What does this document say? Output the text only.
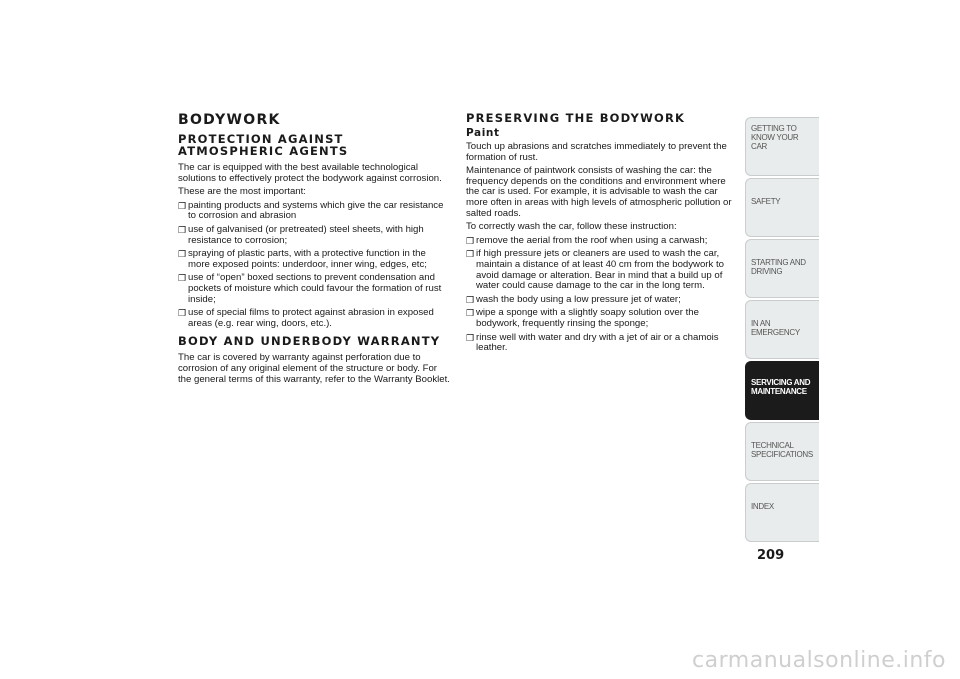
BODYWORK
PROTECTION AGAINST ATMOSPHERIC AGENTS

The car is equipped with the best available technological solutions to effectively protect the bodywork against corrosion.

These are the most important:

❒ painting products and systems which give the car resistance to corrosion and abrasion
❒ use of galvanised (or pretreated) steel sheets, with high resistance to corrosion;
❒ spraying of plastic parts, with a protective function in the more exposed points: underdoor, inner wing, edges, etc;
❒ use of “open” boxed sections to prevent condensation and pockets of moisture which could favour the formation of rust inside;
❒ use of special films to protect against abrasion in exposed areas (e.g. rear wing, doors, etc.).
BODY AND UNDERBODY WARRANTY

The car is covered by warranty against perforation due to corrosion of any original element of the structure or body. For the general terms of this warranty, refer to the Warranty Booklet.

PRESERVING THE BODYWORK
Paint

Touch up abrasions and scratches immediately to prevent the formation of rust.

Maintenance of paintwork consists of washing the car: the frequency depends on the conditions and environment where the car is used. For example, it is advisable to wash the car more often in areas with high levels of atmospheric pollution or salted roads.

To correctly wash the car, follow these instruction:

❒ remove the aerial from the roof when using a carwash;
❒ if high pressure jets or cleaners are used to wash the car, maintain a distance of at least 40 cm from the bodywork to avoid damage or alteration. Bear in mind that a build up of water could cause damage to the car in the long term.
❒ wash the body using a low pressure jet of water;
❒ wipe a sponge with a slightly soapy solution over the bodywork, frequently rinsing the sponge;
❒ rinse well with water and dry with a jet of air or a chamois leather.
GETTING TO KNOW YOUR CAR
SAFETY
STARTING AND DRIVING
IN AN EMERGENCY
SERVICING AND MAINTENANCE
TECHNICAL SPECIFICATIONS
INDEX
209
carmanualsonline.info
